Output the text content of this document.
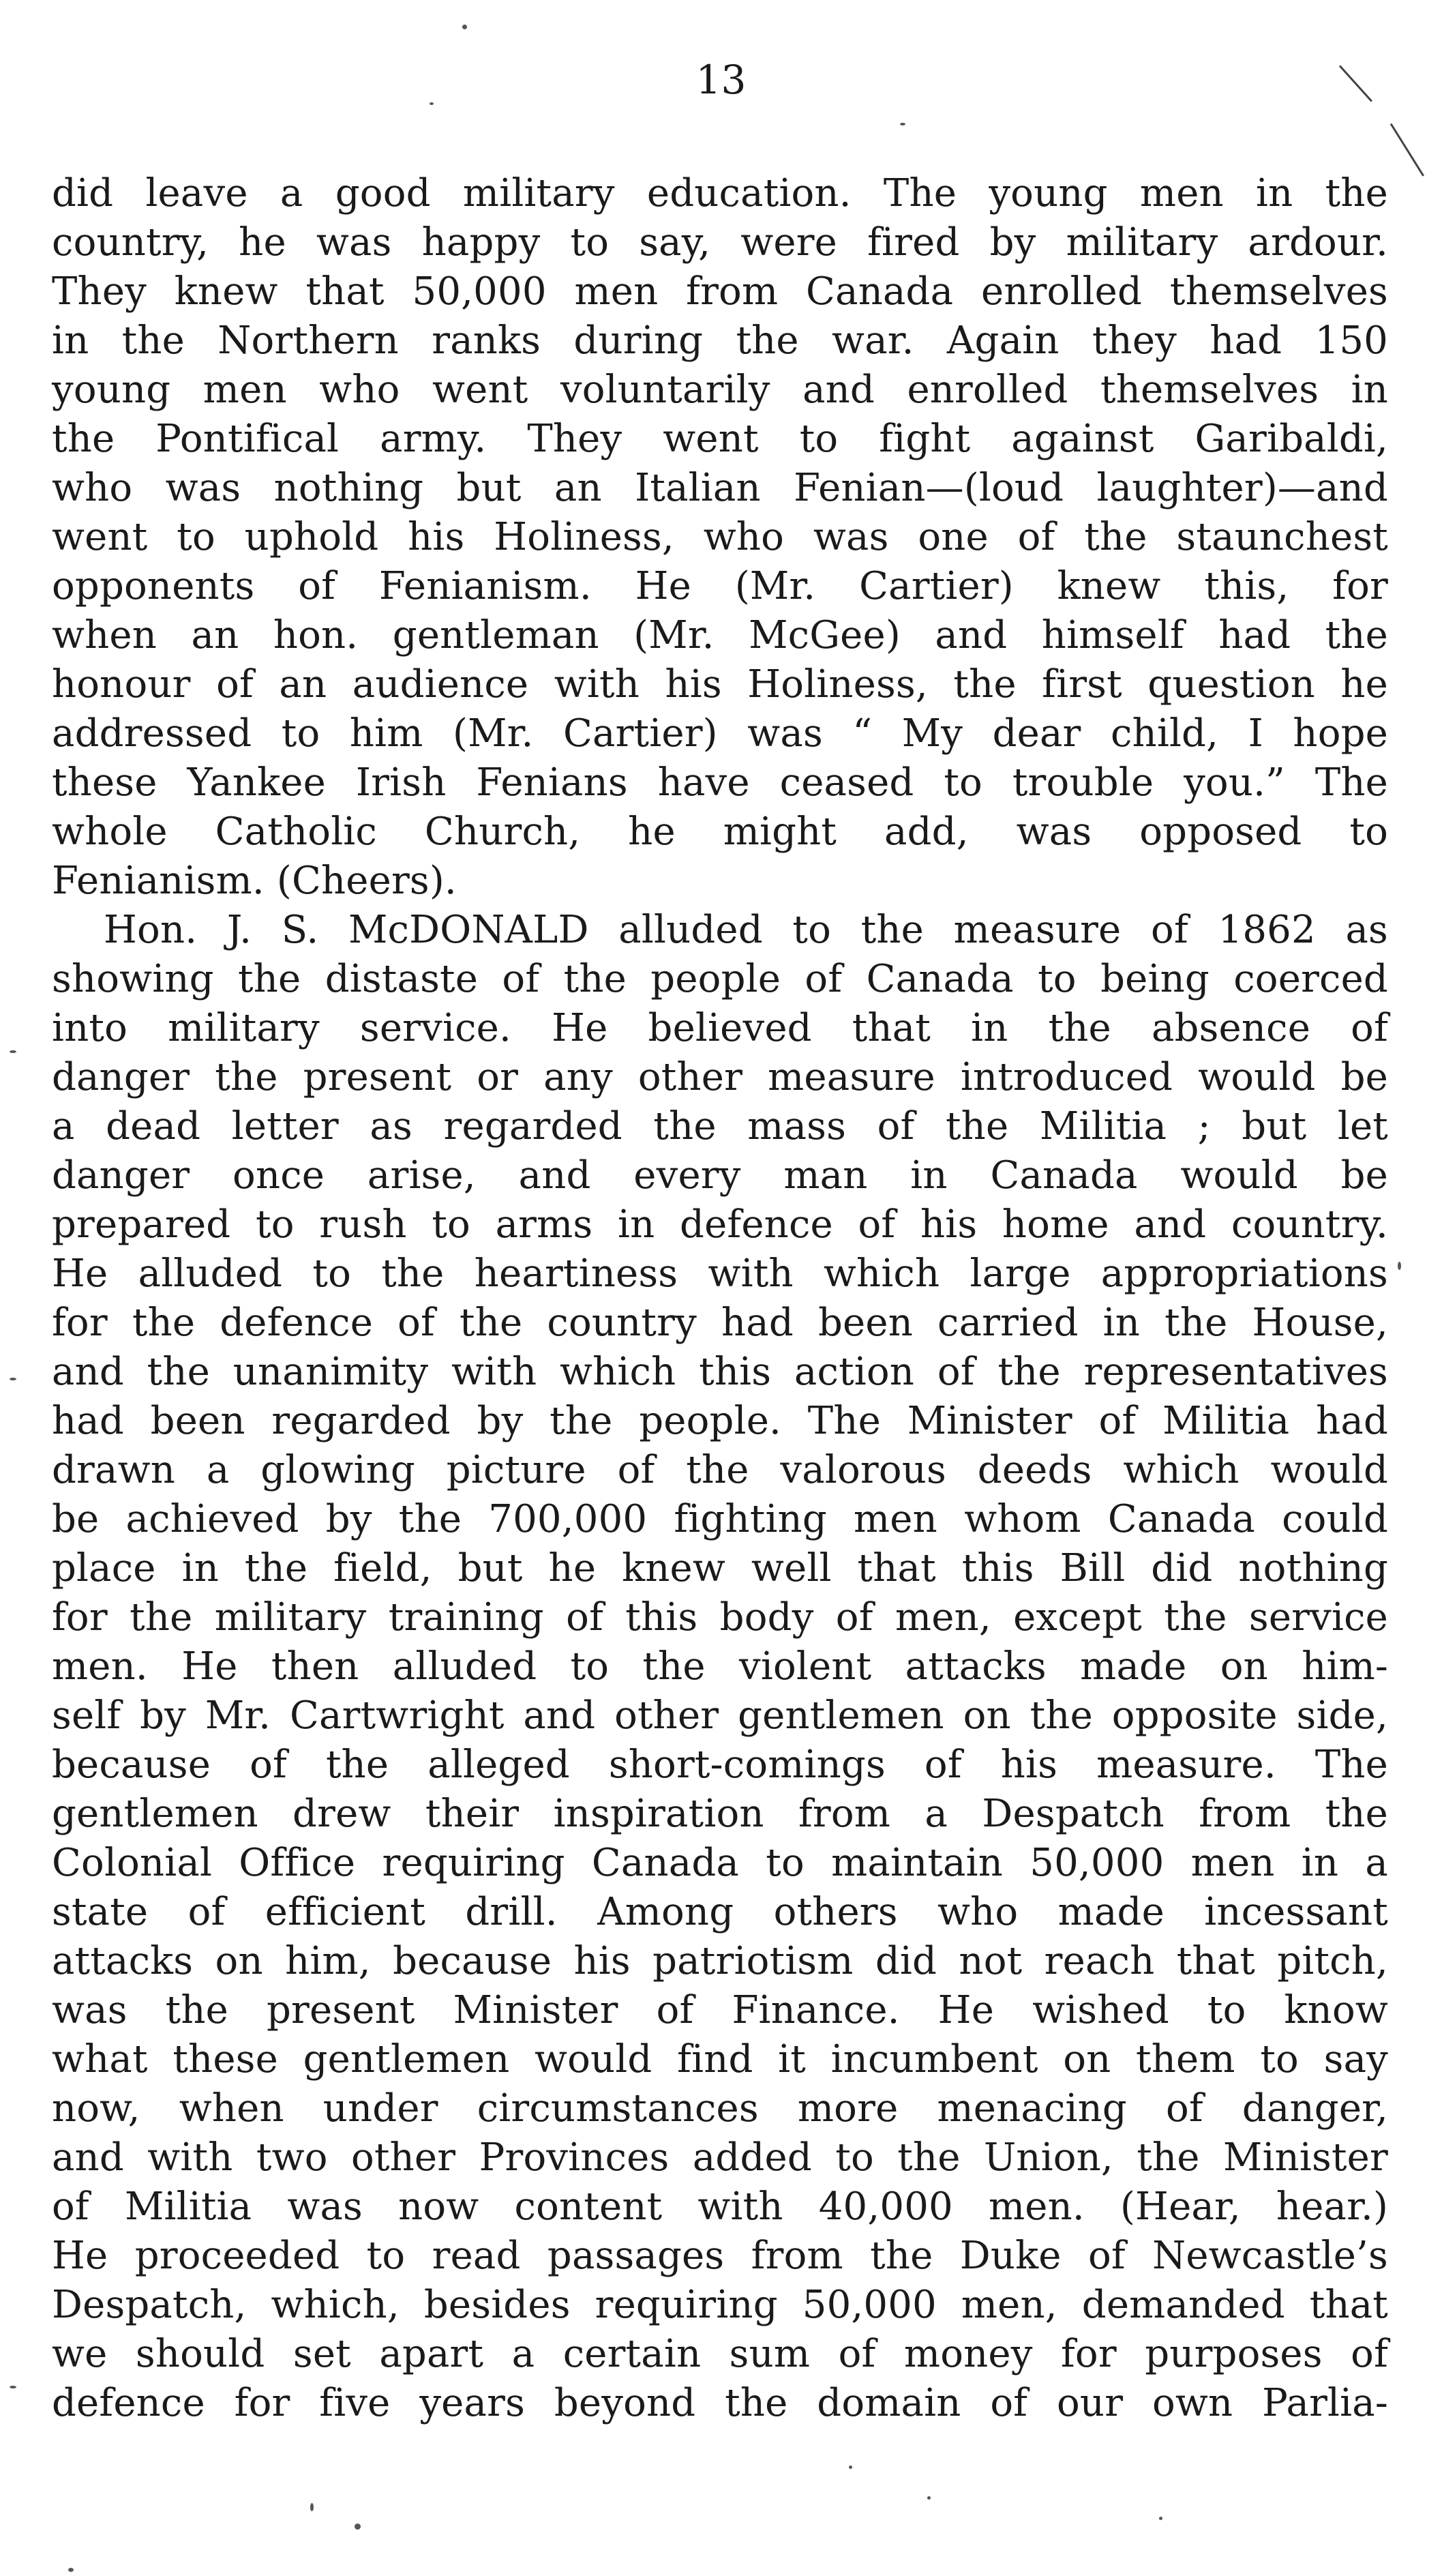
13
did leave a good military education. The young men in the
country, he was happy to say, were fired by military ardour.
They knew that 50,000 men from Canada enrolled themselves
in the Northern ranks during the war. Again they had 150
young men who went voluntarily and enrolled themselves in
the Pontifical army. They went to fight against Garibaldi,
who was nothing but an Italian Fenian—(loud laughter)—and
went to uphold his Holiness, who was one of the staunchest
opponents of Fenianism. He (Mr. Cartier) knew this, for
when an hon. gentleman (Mr. McGee) and himself had the
honour of an audience with his Holiness, the first question he
addressed to him (Mr. Cartier) was “ My dear child, I hope
these Yankee Irish Fenians have ceased to trouble you.” The
whole Catholic Church, he might add, was opposed to
Fenianism. (Cheers).
Hon. J. S. McDONALD alluded to the measure of 1862 as
showing the distaste of the people of Canada to being coerced
into military service. He believed that in the absence of
danger the present or any other measure introduced would be
a dead letter as regarded the mass of the Militia ; but let
danger once arise, and every man in Canada would be
prepared to rush to arms in defence of his home and country.
He alluded to the heartiness with which large appropriations
for the defence of the country had been carried in the House,
and the unanimity with which this action of the representatives
had been regarded by the people. The Minister of Militia had
drawn a glowing picture of the valorous deeds which would
be achieved by the 700,000 fighting men whom Canada could
place in the field, but he knew well that this Bill did nothing
for the military training of this body of men, except the service
men. He then alluded to the violent attacks made on him-
self by Mr. Cartwright and other gentlemen on the opposite side,
because of the alleged short-comings of his measure. The
gentlemen drew their inspiration from a Despatch from the
Colonial Office requiring Canada to maintain 50,000 men in a
state of efficient drill. Among others who made incessant
attacks on him, because his patriotism did not reach that pitch,
was the present Minister of Finance. He wished to know
what these gentlemen would find it incumbent on them to say
now, when under circumstances more menacing of danger,
and with two other Provinces added to the Union, the Minister
of Militia was now content with 40,000 men. (Hear, hear.)
He proceeded to read passages from the Duke of Newcastle’s
Despatch, which, besides requiring 50,000 men, demanded that
we should set apart a certain sum of money for purposes of
defence for five years beyond the domain of our own Parlia-
